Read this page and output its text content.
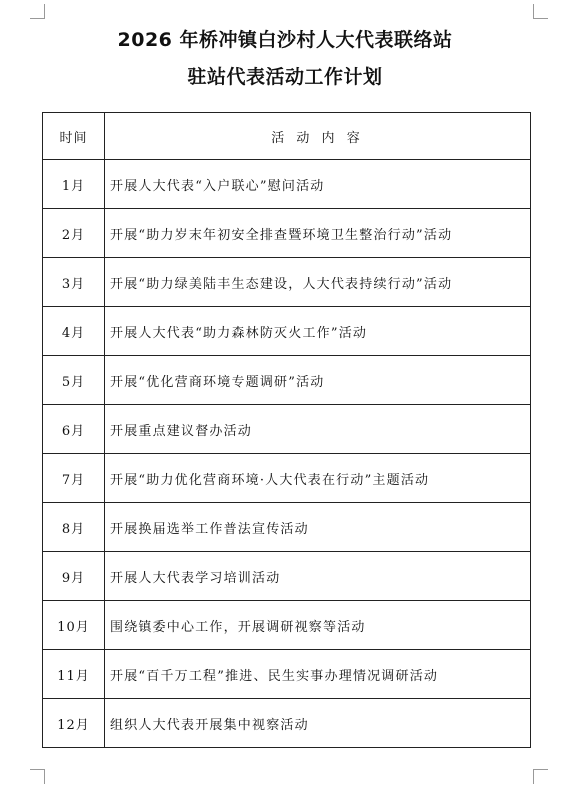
2026 年桥冲镇白沙村人大代表联络站
驻站代表活动工作计划
时间	活 动 内 容
1月	开展人大代表“入户联心”慰问活动
2月	开展“助力岁末年初安全排查暨环境卫生整治行动”活动
3月	开展“助力绿美陆丰生态建设，人大代表持续行动”活动
4月	开展人大代表“助力森林防灭火工作”活动
5月	开展“优化营商环境专题调研”活动
6月	开展重点建议督办活动
7月	开展“助力优化营商环境·人大代表在行动”主题活动
8月	开展换届选举工作普法宣传活动
9月	开展人大代表学习培训活动
10月	围绕镇委中心工作，开展调研视察等活动
11月	开展“百千万工程”推进、民生实事办理情况调研活动
12月	组织人大代表开展集中视察活动
